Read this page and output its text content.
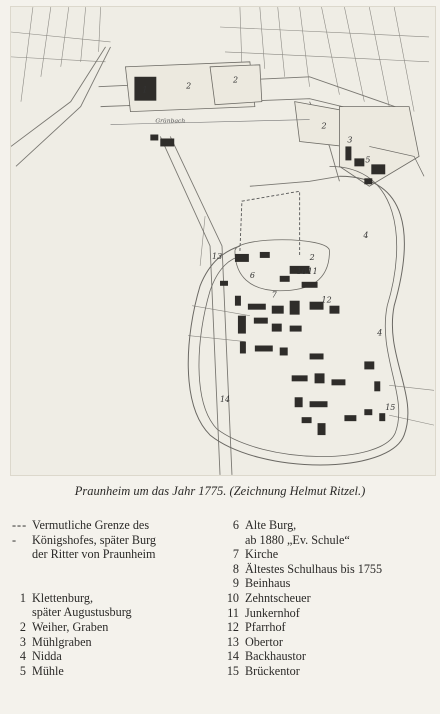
Grünbach
1	2
2
2
3
5
4
13
6	10 11
2
7
12
4
14
15
Praunheim um das Jahr 1775. (Zeichnung Helmut Ritzel.)
----
Vermutliche Grenze des
Königshofes, später Burg
der Ritter von Praunheim
1 Klettenburg,
später Augustusburg
2 Weiher, Graben
3 Mühlgraben
4 Nidda
5 Mühle
6 Alte Burg,
ab 1880 „Ev. Schule“
7 Kirche
8 Ältestes Schulhaus bis 1755
9 Beinhaus
10 Zehntscheuer
11 Junkernhof
12 Pfarrhof
13 Obertor
14 Backhaustor
15 Brückentor
